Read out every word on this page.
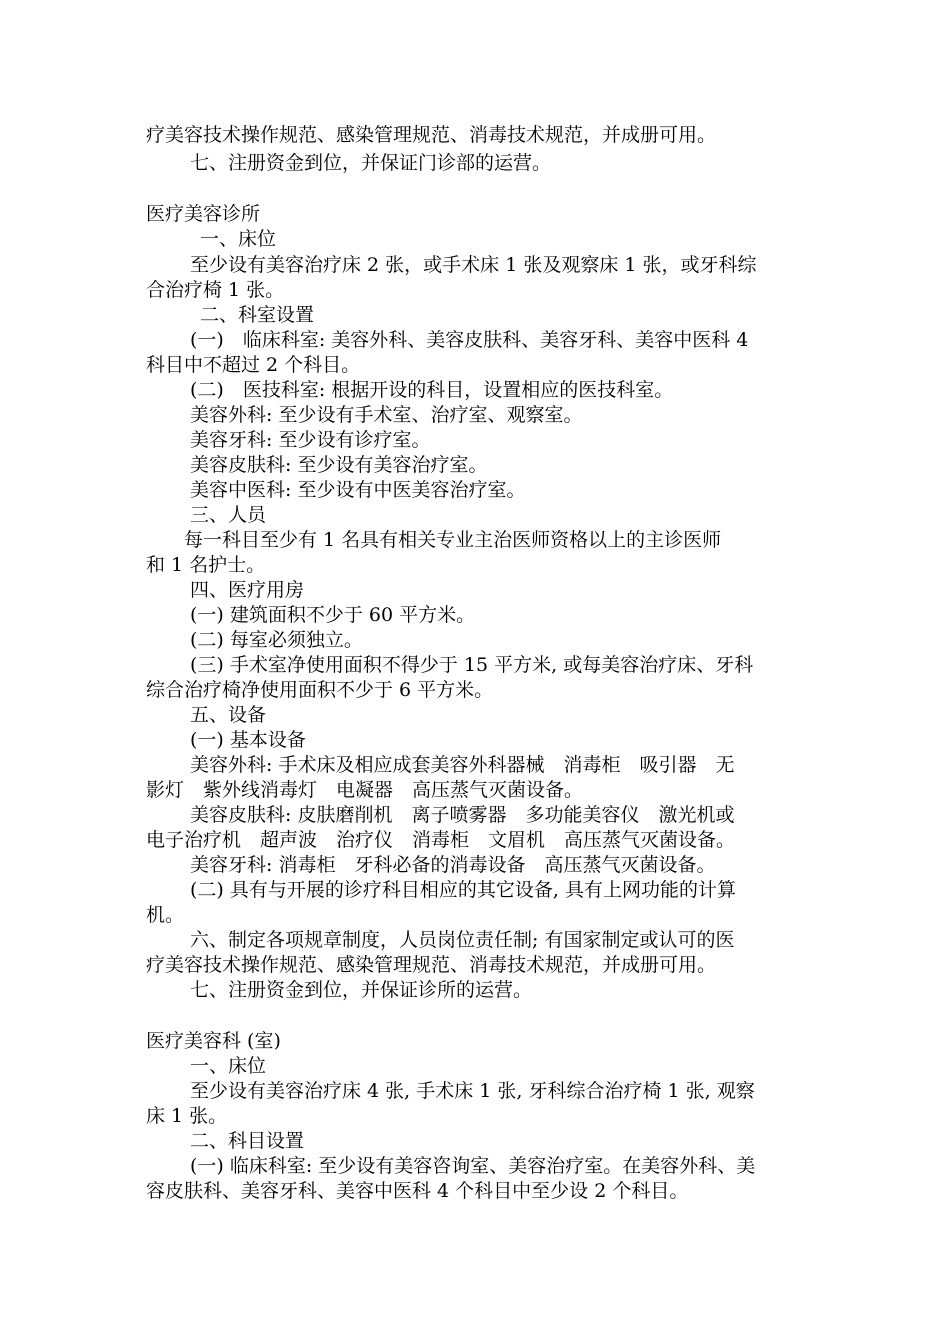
疗美容技术操作规范、感染管理规范、消毒技术规范，并成册可用。
七、注册资金到位，并保证门诊部的运营。
医疗美容诊所
一、床位
至少设有美容治疗床 2 张，或手术床 1 张及观察床 1 张，或牙科综
合治疗椅 1 张。
二、科室设置
(一)　临床科室: 美容外科、美容皮肤科、美容牙科、美容中医科 4
科目中不超过 2 个科目。
(二)　医技科室: 根据开设的科目，设置相应的医技科室。
美容外科: 至少设有手术室、治疗室、观察室。
美容牙科: 至少设有诊疗室。
美容皮肤科: 至少设有美容治疗室。
美容中医科: 至少设有中医美容治疗室。
三、人员
每一科目至少有 1 名具有相关专业主治医师资格以上的主诊医师
和 1 名护士。
四、医疗用房
(一) 建筑面积不少于 60 平方米。
(二) 每室必须独立。
(三) 手术室净使用面积不得少于 15 平方米, 或每美容治疗床、牙科
综合治疗椅净使用面积不少于 6 平方米。
五、设备
(一) 基本设备
美容外科: 手术床及相应成套美容外科器械　消毒柜　吸引器　无
影灯　紫外线消毒灯　电凝器　高压蒸气灭菌设备。
美容皮肤科: 皮肤磨削机　离子喷雾器　多功能美容仪　激光机或
电子治疗机　超声波　治疗仪　消毒柜　文眉机　高压蒸气灭菌设备。
美容牙科: 消毒柜　牙科必备的消毒设备　高压蒸气灭菌设备。
(二) 具有与开展的诊疗科目相应的其它设备, 具有上网功能的计算
机。
六、制定各项规章制度，人员岗位责任制; 有国家制定或认可的医
疗美容技术操作规范、感染管理规范、消毒技术规范，并成册可用。
七、注册资金到位，并保证诊所的运营。
医疗美容科 (室)
一、床位
至少设有美容治疗床 4 张, 手术床 1 张, 牙科综合治疗椅 1 张, 观察
床 1 张。
二、科目设置
(一) 临床科室: 至少设有美容咨询室、美容治疗室。在美容外科、美
容皮肤科、美容牙科、美容中医科 4 个科目中至少设 2 个科目。
